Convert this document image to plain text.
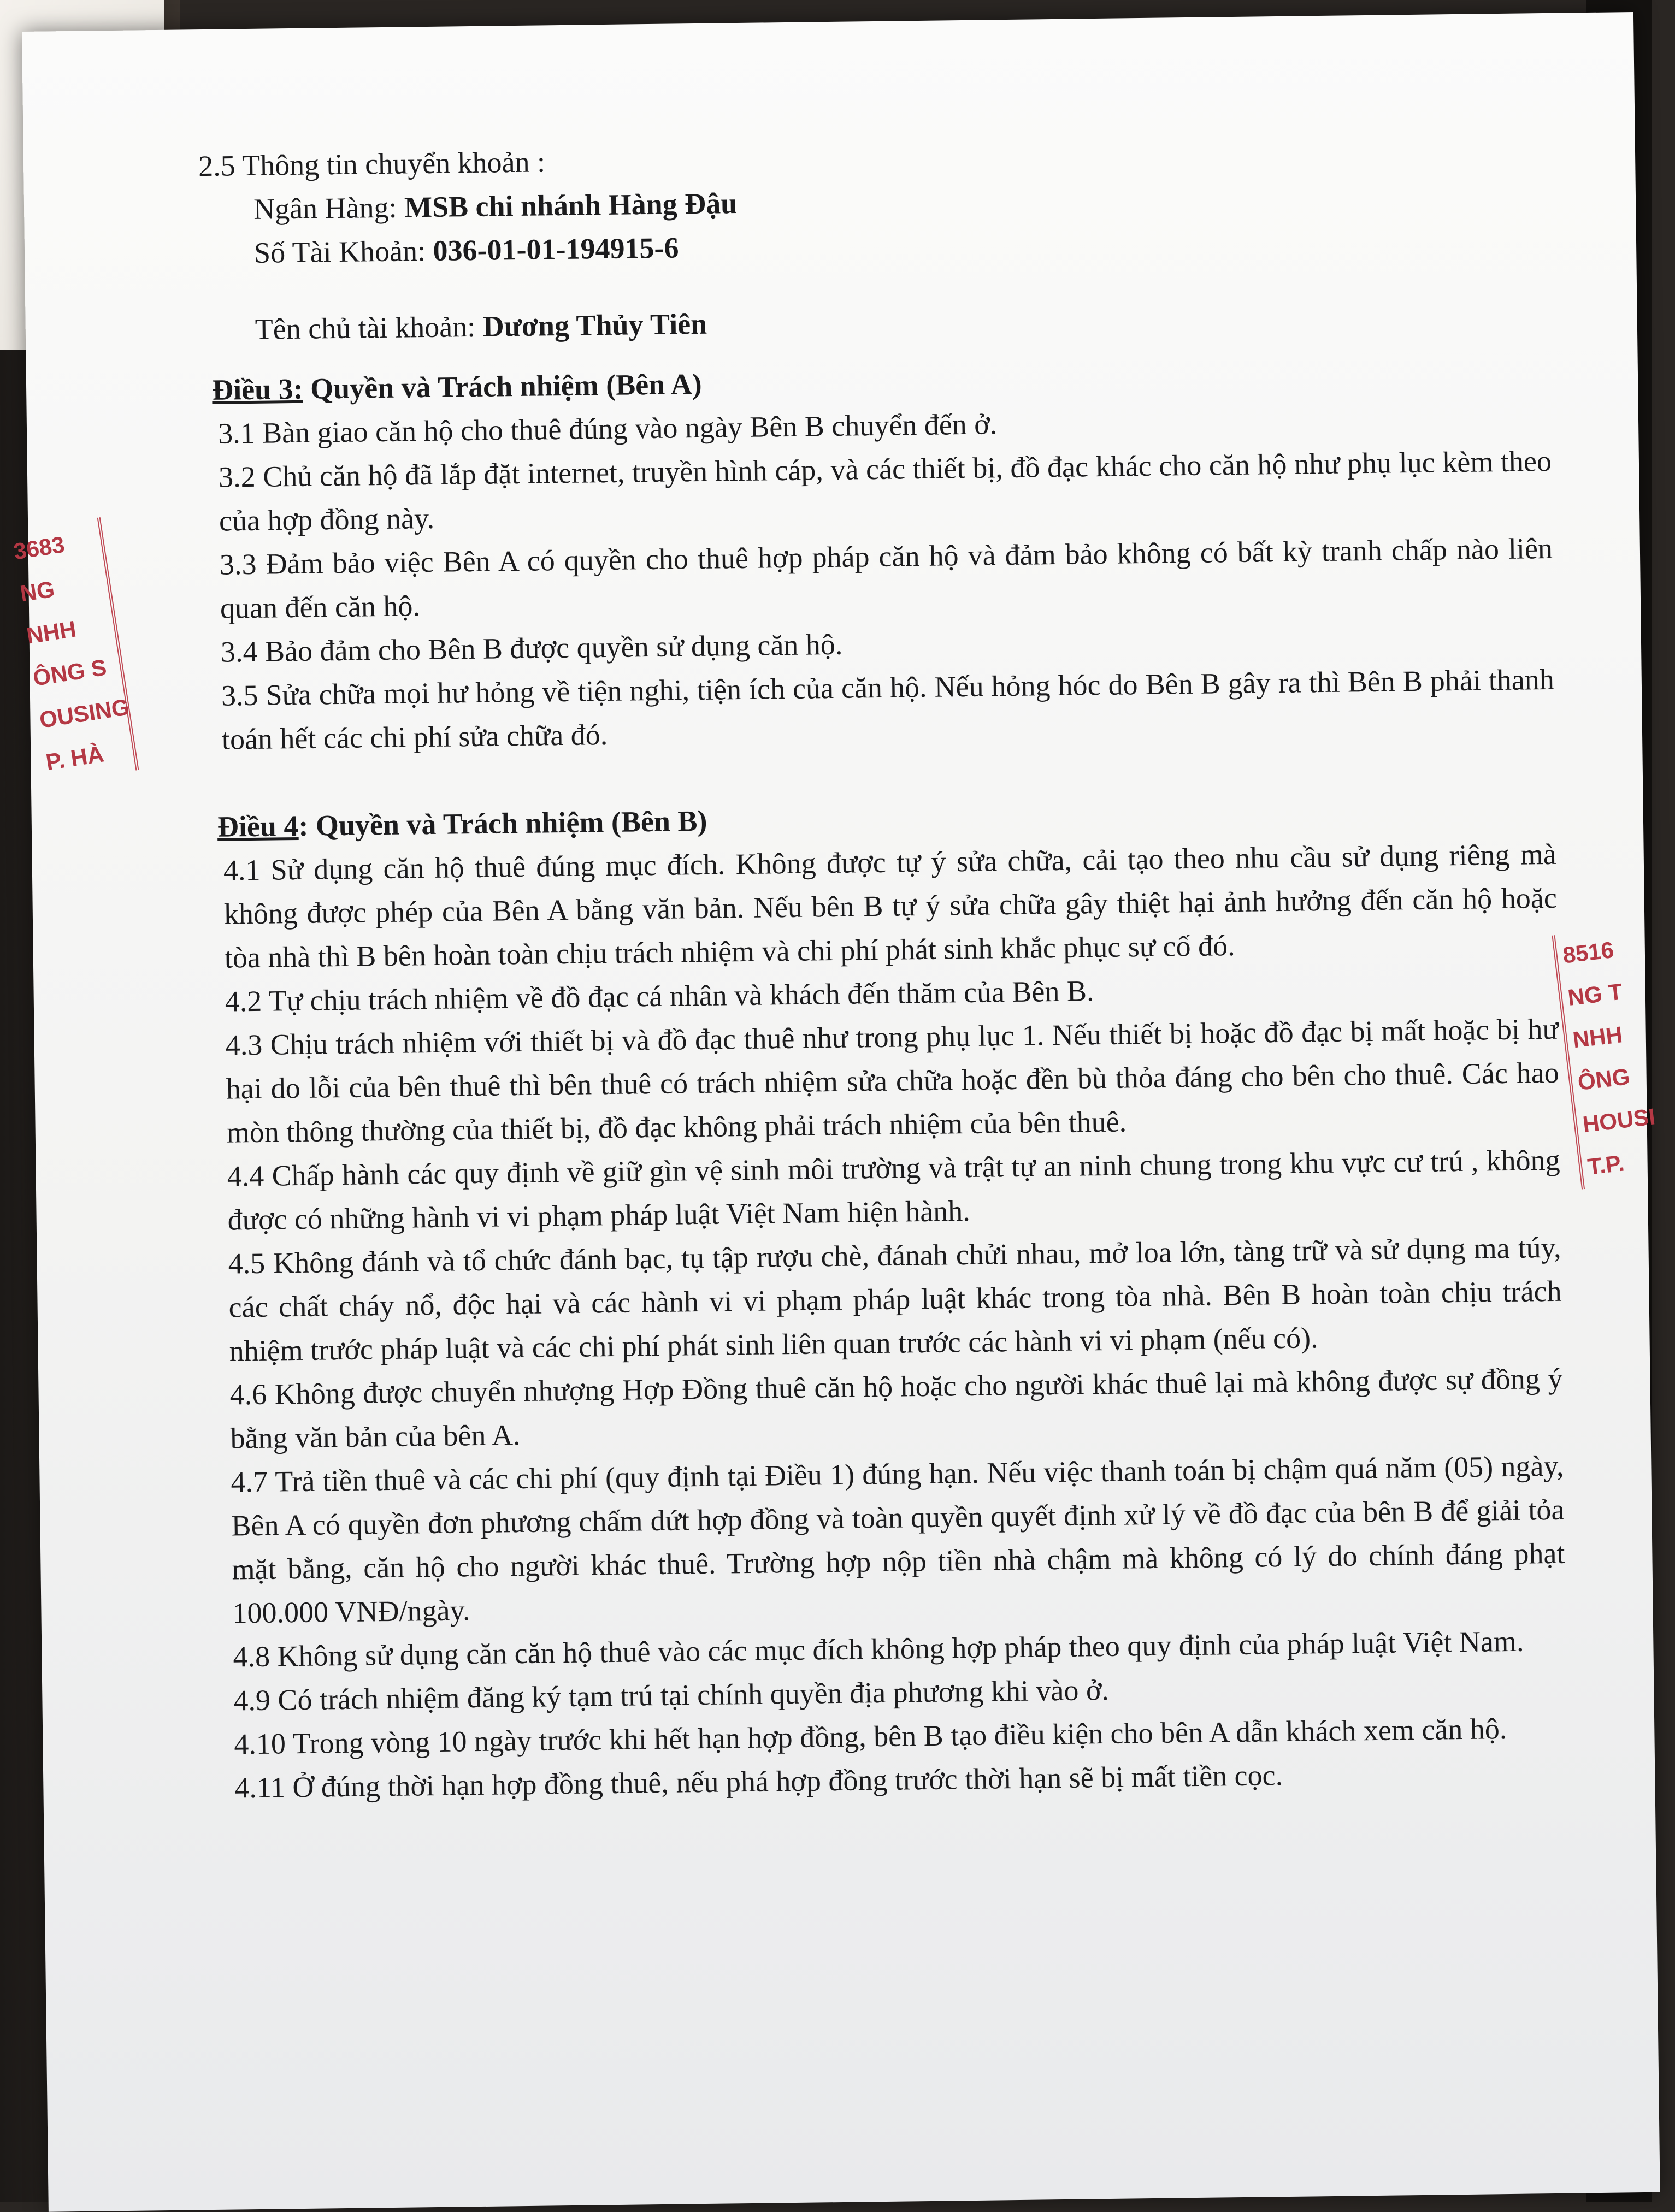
3683
NG
NHH
ÔNG S
OUSING
P. HÀ
8516
NG T
NHH
ÔNG
HOUSI
T.P.

2.5 Thông tin chuyển khoản :

Ngân Hàng: MSB chi nhánh Hàng Đậu

Số Tài Khoản: 036-01-01-194915-6

Tên chủ tài khoản: Dương Thủy Tiên

Điều 3: Quyền và Trách nhiệm (Bên A)

3.1 Bàn giao căn hộ cho thuê đúng vào ngày Bên B chuyển đến ở.

3.2 Chủ căn hộ đã lắp đặt internet, truyền hình cáp, và các thiết bị, đồ đạc khác cho căn hộ như phụ lục kèm theo của hợp đồng này.

3.3 Đảm bảo việc Bên A có quyền cho thuê hợp pháp căn hộ và đảm bảo không có bất kỳ tranh chấp nào liên quan đến căn hộ.

3.4 Bảo đảm cho Bên B được quyền sử dụng căn hộ.

3.5 Sửa chữa mọi hư hỏng về tiện nghi, tiện ích của căn hộ. Nếu hỏng hóc do Bên B gây ra thì Bên B phải thanh toán hết các chi phí sửa chữa đó.

Điều 4: Quyền và Trách nhiệm (Bên B)

4.1 Sử dụng căn hộ thuê đúng mục đích. Không được tự ý sửa chữa, cải tạo theo nhu cầu sử dụng riêng mà không được phép của Bên A bằng văn bản. Nếu bên B tự ý sửa chữa gây thiệt hại ảnh hưởng đến căn hộ hoặc tòa nhà thì B bên hoàn toàn chịu trách nhiệm và chi phí phát sinh khắc phục sự cố đó.

4.2 Tự chịu trách nhiệm về đồ đạc cá nhân và khách đến thăm của Bên B.

4.3 Chịu trách nhiệm với thiết bị và đồ đạc thuê như trong phụ lục 1. Nếu thiết bị hoặc đồ đạc bị mất hoặc bị hư hại do lỗi của bên thuê thì bên thuê có trách nhiệm sửa chữa hoặc đền bù thỏa đáng cho bên cho thuê. Các hao mòn thông thường của thiết bị, đồ đạc không phải trách nhiệm của bên thuê.

4.4 Chấp hành các quy định về giữ gìn vệ sinh môi trường và trật tự an ninh chung trong khu vực cư trú , không được có những hành vi vi phạm pháp luật Việt Nam hiện hành.

4.5 Không đánh và tổ chức đánh bạc, tụ tập rượu chè, đánah chửi nhau, mở loa lớn, tàng trữ và sử dụng ma túy, các chất cháy nổ, độc hại và các hành vi vi phạm pháp luật khác trong tòa nhà. Bên B hoàn toàn chịu trách nhiệm trước pháp luật và các chi phí phát sinh liên quan trước các hành vi vi phạm (nếu có).

4.6 Không được chuyển nhượng Hợp Đồng thuê căn hộ hoặc cho người khác thuê lại mà không được sự đồng ý bằng văn bản của bên A.

4.7 Trả tiền thuê và các chi phí (quy định tại Điều 1) đúng hạn. Nếu việc thanh toán bị chậm quá năm (05) ngày, Bên A có quyền đơn phương chấm dứt hợp đồng và toàn quyền quyết định xử lý về đồ đạc của bên B để giải tỏa mặt bằng, căn hộ cho người khác thuê. Trường hợp nộp tiền nhà chậm mà không có lý do chính đáng phạt 100.000 VNĐ/ngày.

4.8 Không sử dụng căn căn hộ thuê vào các mục đích không hợp pháp theo quy định của pháp luật Việt Nam.

4.9 Có trách nhiệm đăng ký tạm trú tại chính quyền địa phương khi vào ở.

4.10 Trong vòng 10 ngày trước khi hết hạn hợp đồng, bên B tạo điều kiện cho bên A dẫn khách xem căn hộ.

4.11 Ở đúng thời hạn hợp đồng thuê, nếu phá hợp đồng trước thời hạn sẽ bị mất tiền cọc.
